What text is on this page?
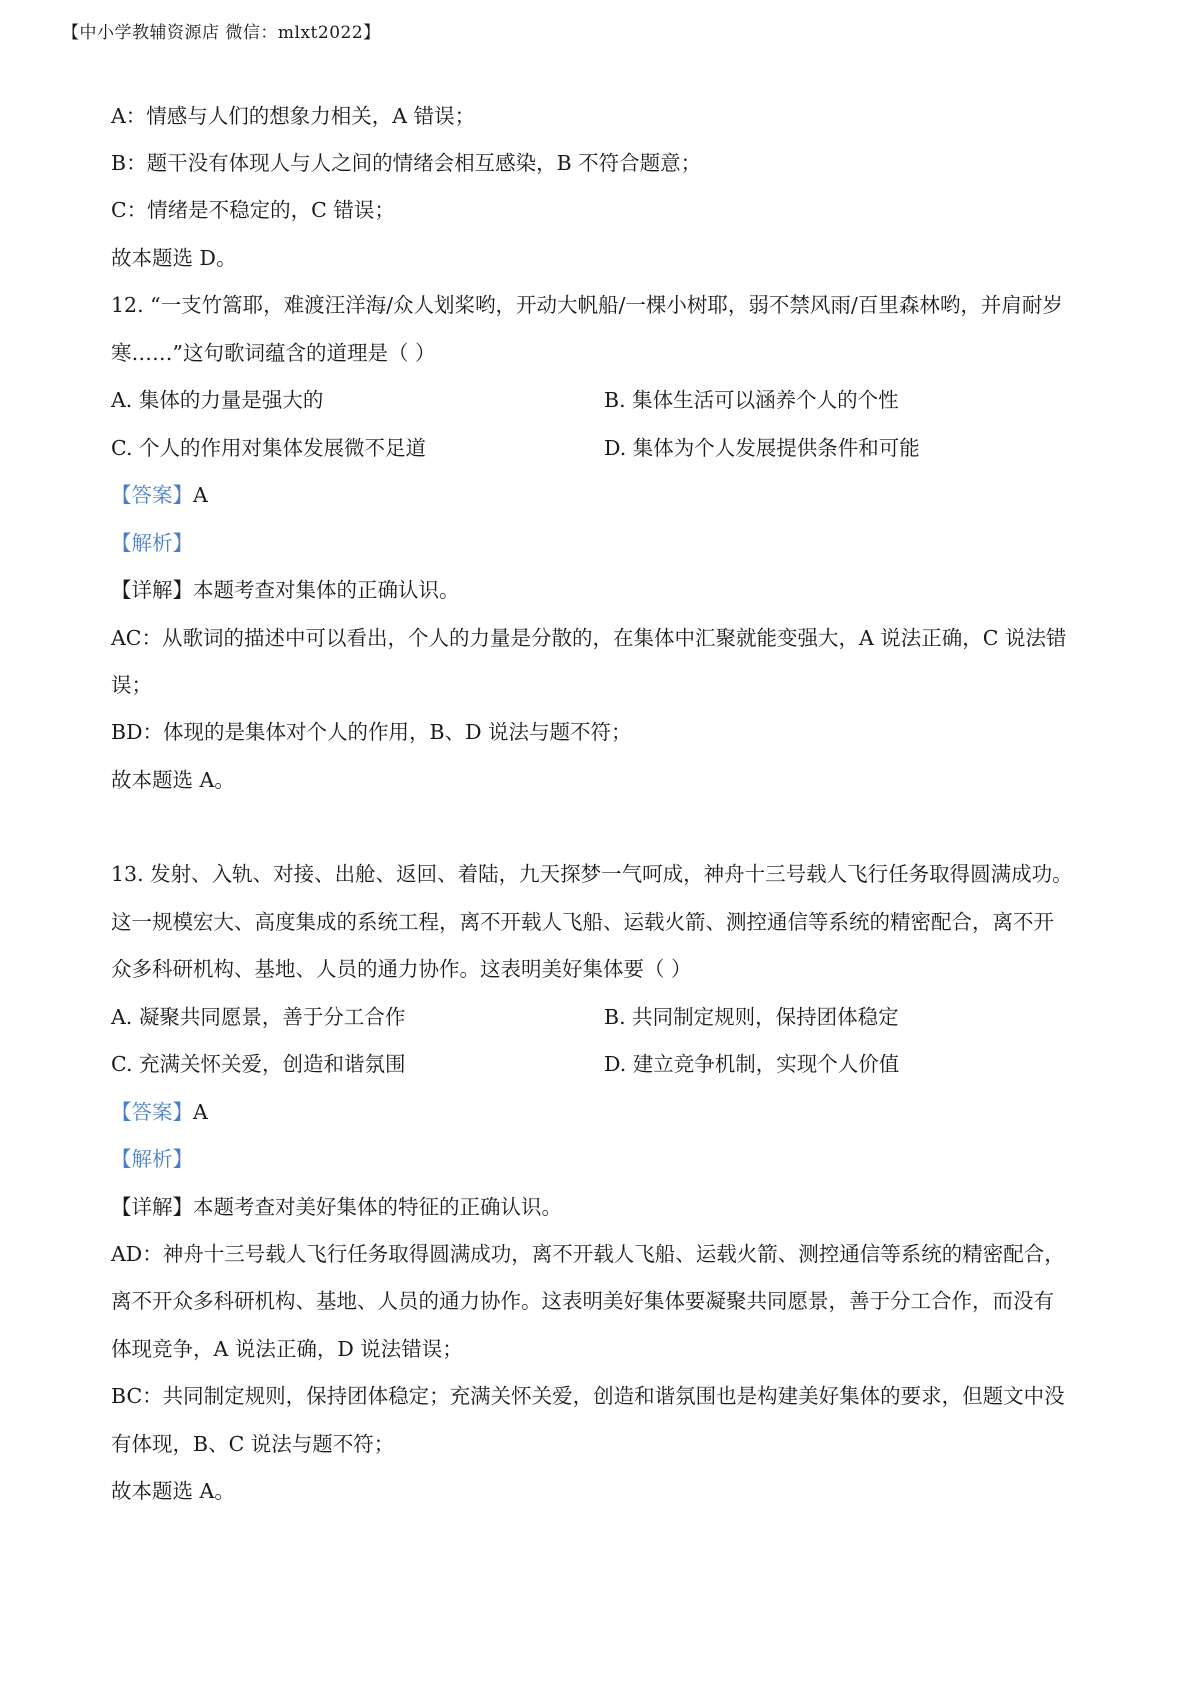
【中小学教辅资源店 微信：mlxt2022】
A：情感与人们的想象力相关，A 错误；
B：题干没有体现人与人之间的情绪会相互感染，B 不符合题意；
C：情绪是不稳定的，C 错误；
故本题选 D。
12. “一支竹篙耶，难渡汪洋海/众人划桨哟，开动大帆船/一棵小树耶，弱不禁风雨/百里森林哟，并肩耐岁
寒……”这句歌词蕴含的道理是（ ）
A. 集体的力量是强大的	B. 集体生活可以涵养个人的个性
C. 个人的作用对集体发展微不足道	D. 集体为个人发展提供条件和可能
【答案】A
【解析】
【详解】本题考查对集体的正确认识。
AC：从歌词的描述中可以看出，个人的力量是分散的，在集体中汇聚就能变强大，A 说法正确，C 说法错
误；
BD：体现的是集体对个人的作用，B、D 说法与题不符；
故本题选 A。
13. 发射、入轨、对接、出舱、返回、着陆，九天探梦一气呵成，神舟十三号载人飞行任务取得圆满成功。
这一规模宏大、高度集成的系统工程，离不开载人飞船、运载火箭、测控通信等系统的精密配合，离不开
众多科研机构、基地、人员的通力协作。这表明美好集体要（ ）
A. 凝聚共同愿景，善于分工合作	B. 共同制定规则，保持团体稳定
C. 充满关怀关爱，创造和谐氛围	D. 建立竞争机制，实现个人价值
【答案】A
【解析】
【详解】本题考查对美好集体的特征的正确认识。
AD：神舟十三号载人飞行任务取得圆满成功，离不开载人飞船、运载火箭、测控通信等系统的精密配合，
离不开众多科研机构、基地、人员的通力协作。这表明美好集体要凝聚共同愿景，善于分工合作，而没有
体现竞争，A 说法正确，D 说法错误；
BC：共同制定规则，保持团体稳定；充满关怀关爱，创造和谐氛围也是构建美好集体的要求，但题文中没
有体现，B、C 说法与题不符；
故本题选 A。
